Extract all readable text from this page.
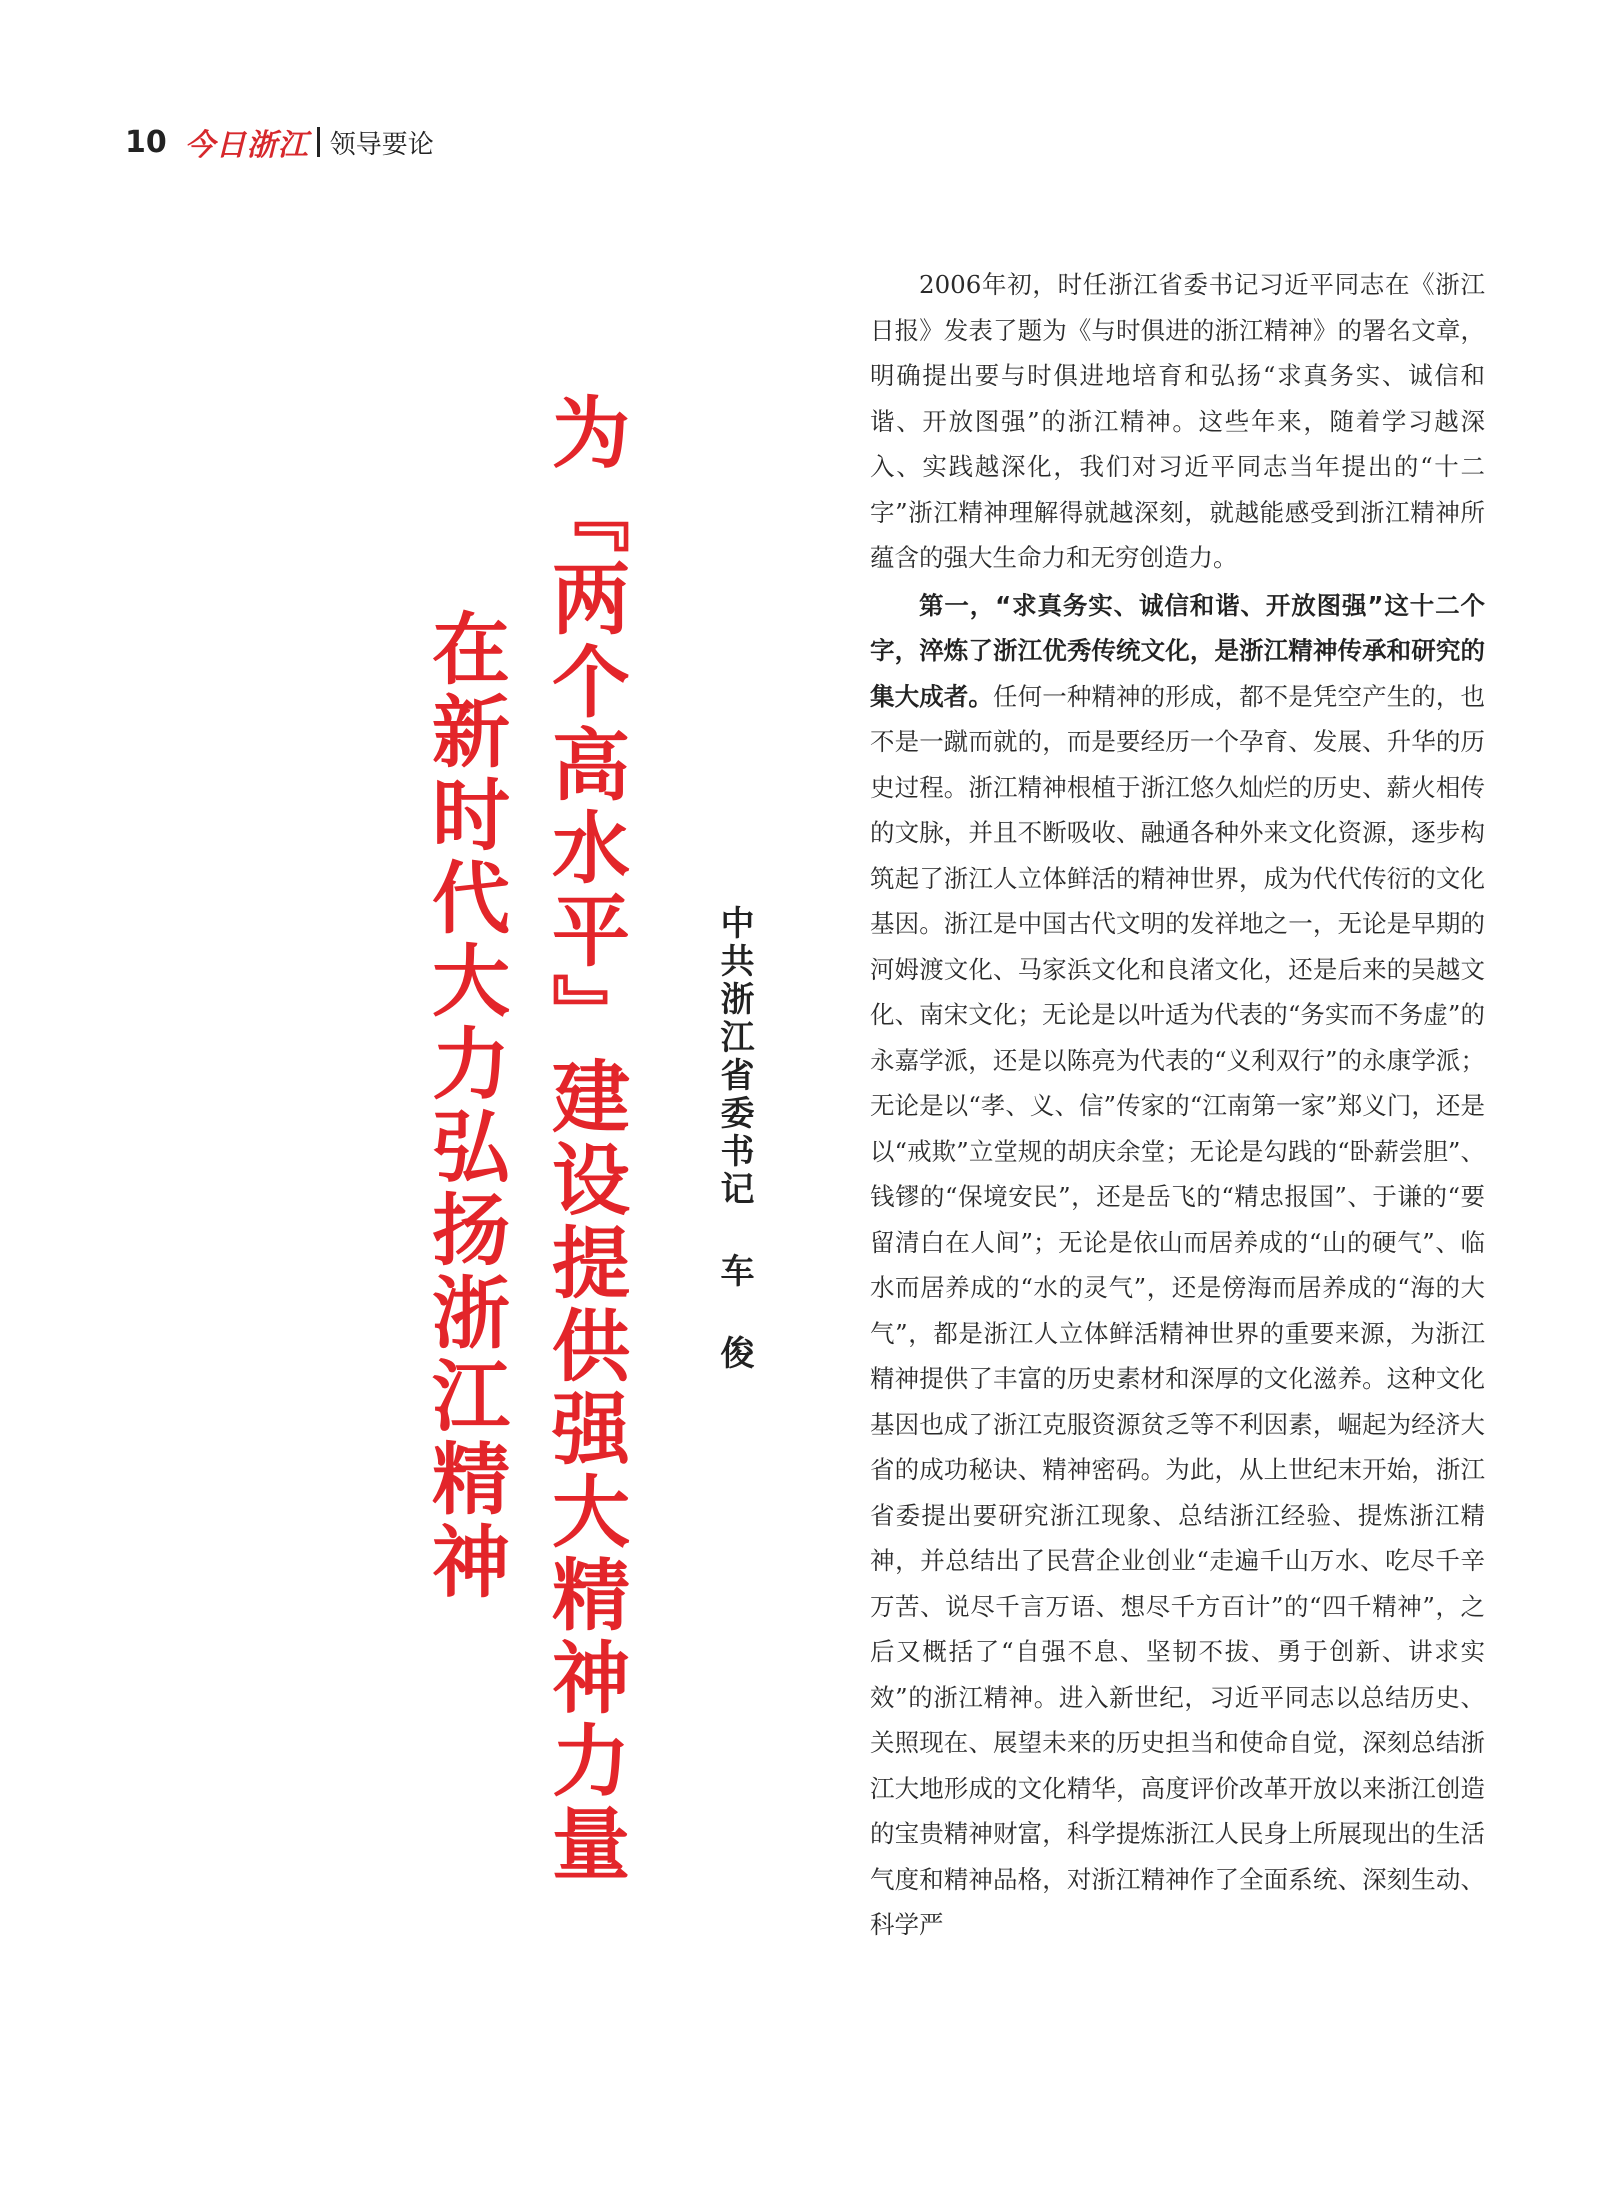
10 今日浙江 领导要论
为『两个高水平』建设提供强大精神力量
在新时代大力弘扬浙江精神	中共浙江省委书记 车 俊

2006年初，时任浙江省委书记习近平同志在《浙江日报》发表了题为《与时俱进的浙江精神》的署名文章，明确提出要与时俱进地培育和弘扬“求真务实、诚信和谐、开放图强”的浙江精神。这些年来，随着学习越深入、实践越深化，我们对习近平同志当年提出的“十二字”浙江精神理解得就越深刻，就越能感受到浙江精神所蕴含的强大生命力和无穷创造力。

第一，“求真务实、诚信和谐、开放图强”这十二个字，淬炼了浙江优秀传统文化，是浙江精神传承和研究的集大成者。任何一种精神的形成，都不是凭空产生的，也不是一蹴而就的，而是要经历一个孕育、发展、升华的历史过程。浙江精神根植于浙江悠久灿烂的历史、薪火相传的文脉，并且不断吸收、融通各种外来文化资源，逐步构筑起了浙江人立体鲜活的精神世界，成为代代传衍的文化基因。浙江是中国古代文明的发祥地之一，无论是早期的河姆渡文化、马家浜文化和良渚文化，还是后来的吴越文化、南宋文化；无论是以叶适为代表的“务实而不务虚”的永嘉学派，还是以陈亮为代表的“义利双行”的永康学派；无论是以“孝、义、信”传家的“江南第一家”郑义门，还是以“戒欺”立堂规的胡庆余堂；无论是勾践的“卧薪尝胆”、钱镠的“保境安民”，还是岳飞的“精忠报国”、于谦的“要留清白在人间”；无论是依山而居养成的“山的硬气”、临水而居养成的“水的灵气”，还是傍海而居养成的“海的大气”，都是浙江人立体鲜活精神世界的重要来源，为浙江精神提供了丰富的历史素材和深厚的文化滋养。这种文化基因也成了浙江克服资源贫乏等不利因素，崛起为经济大省的成功秘诀、精神密码。为此，从上世纪末开始，浙江省委提出要研究浙江现象、总结浙江经验、提炼浙江精神，并总结出了民营企业创业“走遍千山万水、吃尽千辛万苦、说尽千言万语、想尽千方百计”的“四千精神”，之后又概括了“自强不息、坚韧不拔、勇于创新、讲求实效”的浙江精神。进入新世纪，习近平同志以总结历史、关照现在、展望未来的历史担当和使命自觉，深刻总结浙江大地形成的文化精华，高度评价改革开放以来浙江创造的宝贵精神财富，科学提炼浙江人民身上所展现出的生活气度和精神品格，对浙江精神作了全面系统、深刻生动、科学严
